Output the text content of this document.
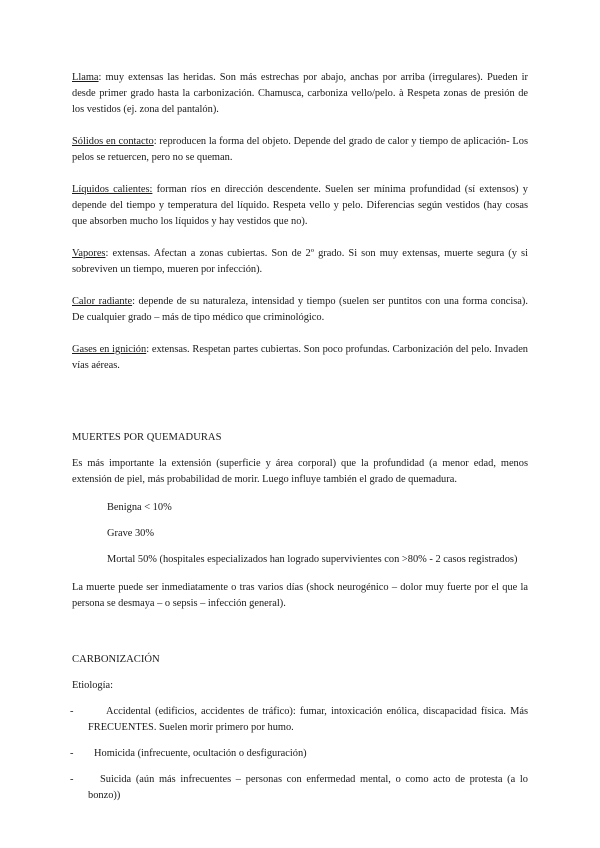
Llama: muy extensas las heridas. Son más estrechas por abajo, anchas por arriba (irregulares). Pueden ir desde primer grado hasta la carbonización. Chamusca, carboniza vello/pelo. à Respeta zonas de presión de los vestidos (ej. zona del pantalón).

Sólidos en contacto: reproducen la forma del objeto. Depende del grado de calor y tiempo de aplicación- Los pelos se retuercen, pero no se queman.

Líquidos calientes: forman ríos en dirección descendente. Suelen ser mínima profundidad (sí extensos) y depende del tiempo y temperatura del líquido. Respeta vello y pelo. Diferencias según vestidos (hay cosas que absorben mucho los líquidos y hay vestidos que no).

Vapores: extensas. Afectan a zonas cubiertas. Son de 2º grado. Si son muy extensas, muerte segura (y si sobreviven un tiempo, mueren por infección).

Calor radiante: depende de su naturaleza, intensidad y tiempo (suelen ser puntitos con una forma concisa). De cualquier grado – más de tipo médico que criminológico.

Gases en ignición: extensas. Respetan partes cubiertas. Son poco profundas. Carbonización del pelo. Invaden vías aéreas.

MUERTES POR QUEMADURAS

Es más importante la extensión (superficie y área corporal) que la profundidad (a menor edad, menos extensión de piel, más probabilidad de morir. Luego influye también el grado de quemadura.

Benigna < 10%

Grave 30%

Mortal 50% (hospitales especializados han logrado supervivientes con >80% - 2 casos registrados)

La muerte puede ser inmediatamente o tras varios días (shock neurogénico – dolor muy fuerte por el que la persona se desmaya – o sepsis – infección general).

CARBONIZACIÓN

Etiología:

-	Accidental (edificios, accidentes de tráfico): fumar, intoxicación enólica, discapacidad física. Más FRECUENTES. Suelen morir primero por humo.

-	Homicida (infrecuente, ocultación o desfiguración)

-	Suicida (aún más infrecuentes – personas con enfermedad mental, o como acto de protesta (a lo bonzo))
